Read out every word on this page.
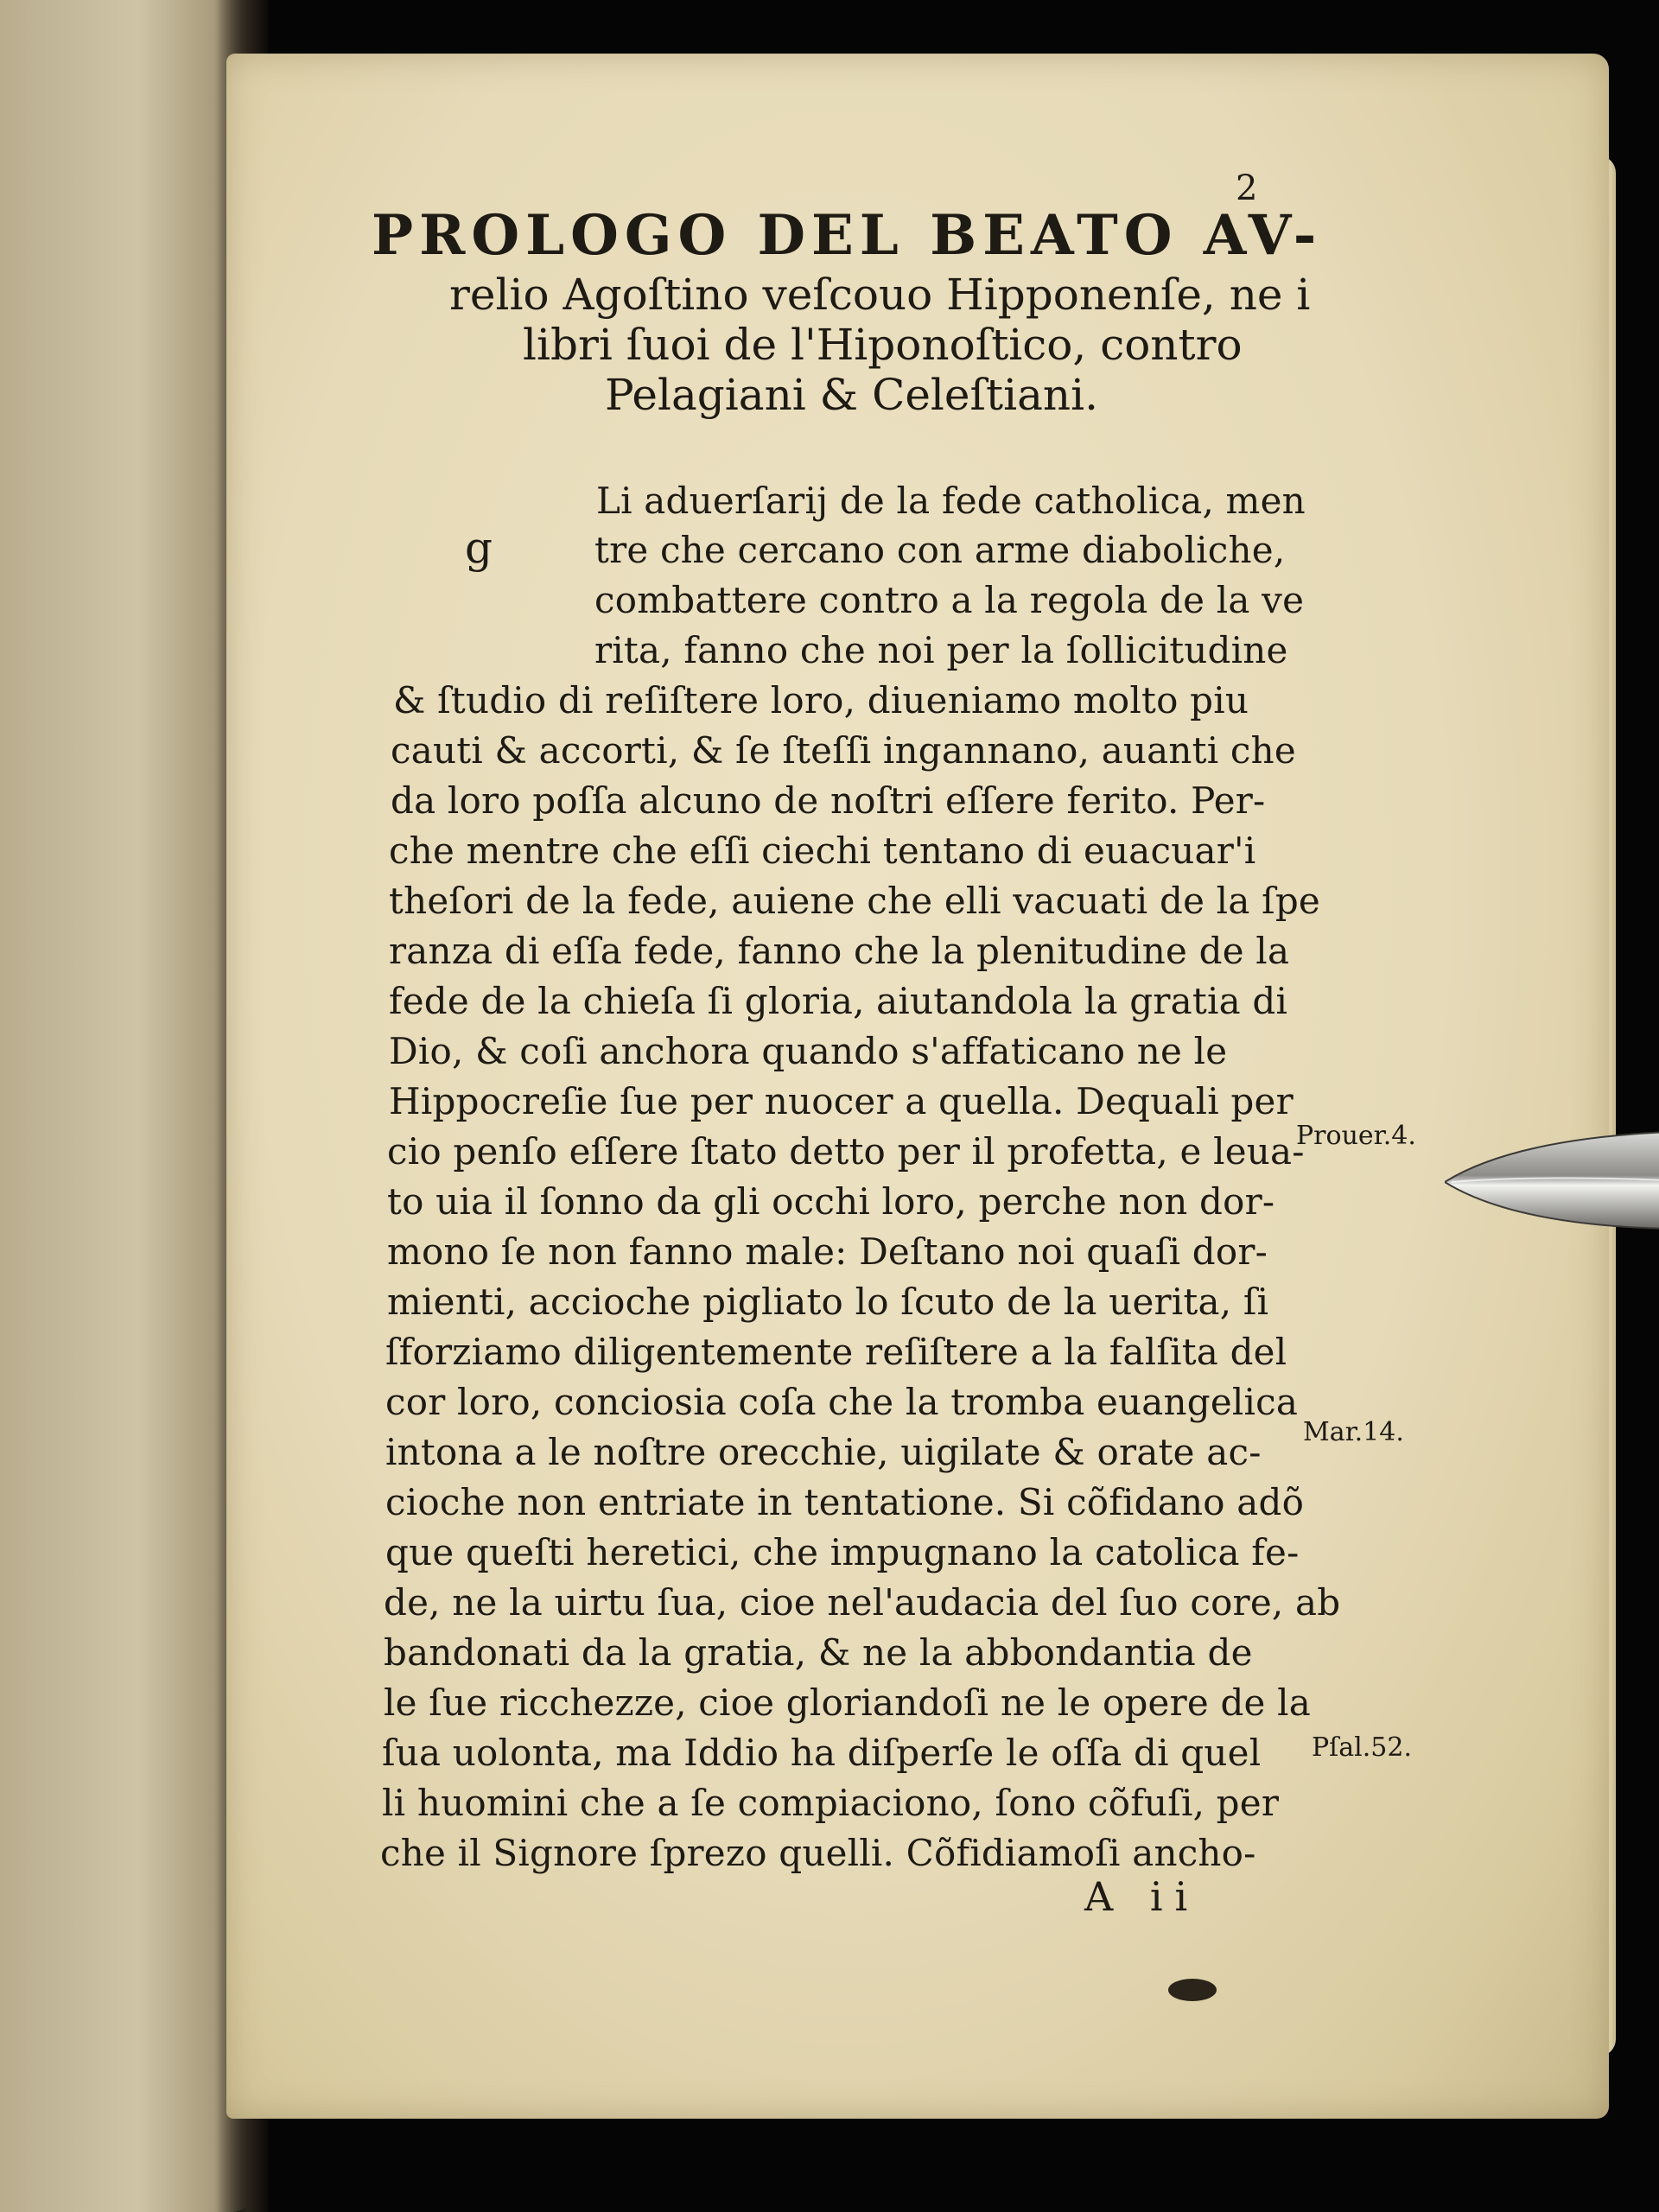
2
PROLOGO DEL BEATO AV-
relio Agoſtino veſcouo Hipponenſe, ne i
libri ſuoi de l'Hiponoſtico, contro
Pelagiani & Celeſtiani.
g
Li aduerſarij de la fede catholica, men
tre che cercano con arme diaboliche,
combattere contro a la regola de la ve
rita, fanno che noi per la ſollicitudine
& ſtudio di reſiſtere loro, diueniamo molto piu
cauti & accorti, & ſe ſteſſi ingannano, auanti che
da loro poſſa alcuno de noſtri eſſere ferito. Per-
che mentre che eſſi ciechi tentano di euacuar'i
theſori de la fede, auiene che elli vacuati de la ſpe
ranza di eſſa fede, fanno che la plenitudine de la
fede de la chieſa ſi gloria, aiutandola la gratia di
Dio, & coſi anchora quando s'affaticano ne le
Hippocreſie ſue per nuocer a quella. Dequali per
cio penſo eſſere ſtato detto per il profetta, e leua-
to uia il ſonno da gli occhi loro, perche non dor-
mono ſe non fanno male: Deſtano noi quaſi dor-
mienti, accioche pigliato lo ſcuto de la uerita, ſi
ſforziamo diligentemente reſiſtere a la falſita del
cor loro, conciosia coſa che la tromba euangelica
intona a le noſtre orecchie, uigilate & orate ac-
cioche non entriate in tentatione. Si cõfidano adõ
que queſti heretici, che impugnano la catolica fe-
de, ne la uirtu ſua, cioe nel'audacia del ſuo core, ab
bandonati da la gratia, & ne la abbondantia de
le ſue ricchezze, cioe gloriandoſi ne le opere de la
ſua uolonta, ma Iddio ha diſperſe le oſſa di quel
li huomini che a ſe compiaciono, ſono cõfuſi, per
che il Signore ſprezo quelli. Cõfidiamoſi ancho-
Prouer.4.
Mar.14.
Pſal.52.
A ii
